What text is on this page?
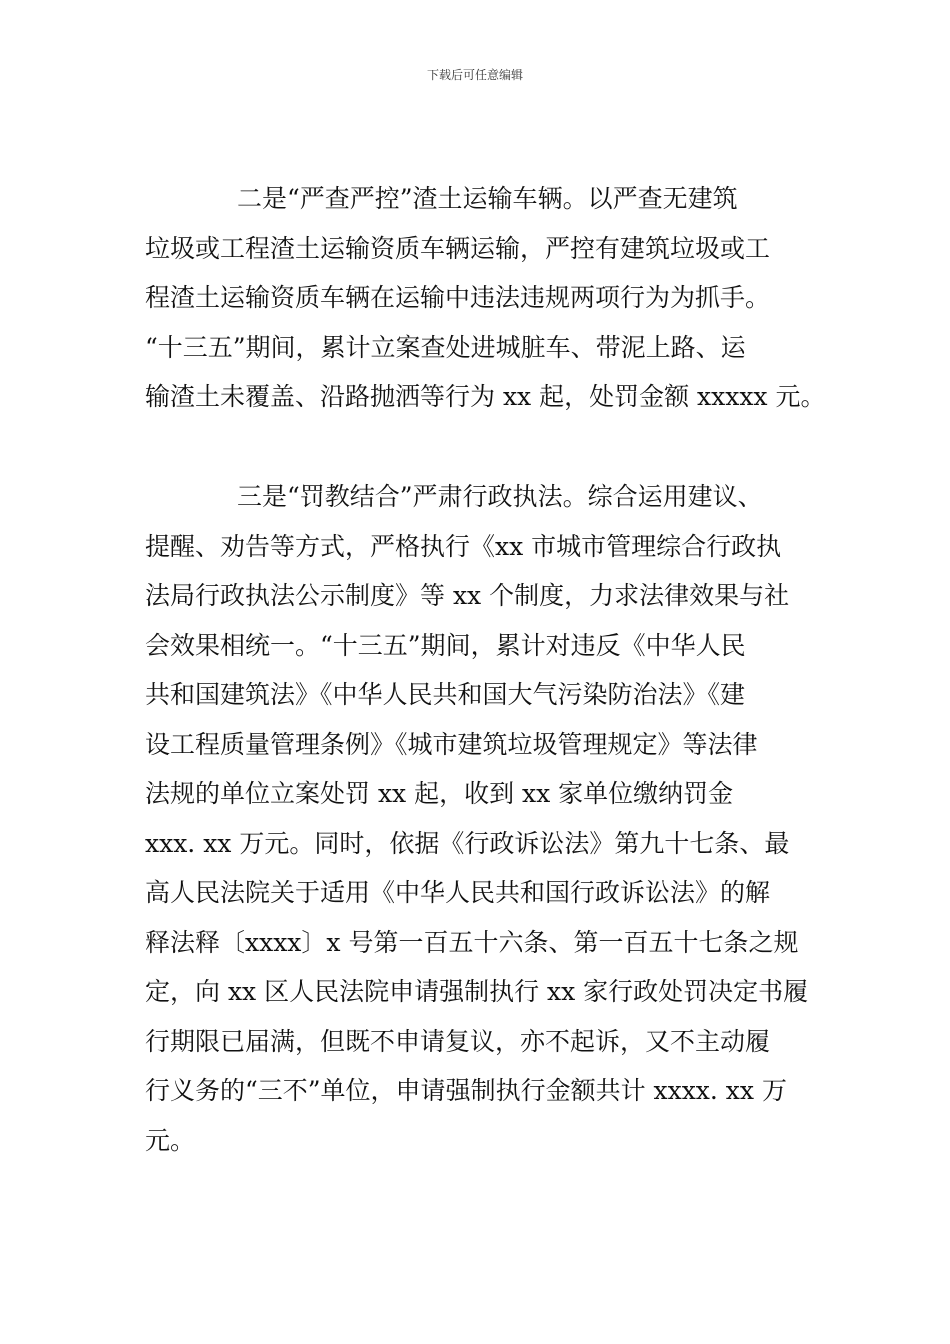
下载后可任意编辑
二是“严查严控”渣土运输车辆。以严查无建筑
垃圾或工程渣土运输资质车辆运输，严控有建筑垃圾或工
程渣土运输资质车辆在运输中违法违规两项行为为抓手。
“十三五”期间，累计立案查处进城脏车、带泥上路、运
输渣土未覆盖、沿路抛洒等行为 xx 起，处罚金额 xxxxx 元。
三是“罚教结合”严肃行政执法。综合运用建议、
提醒、劝告等方式，严格执行《xx 市城市管理综合行政执
法局行政执法公示制度》等 xx 个制度，力求法律效果与社
会效果相统一。“十三五”期间，累计对违反《中华人民
共和国建筑法》《中华人民共和国大气污染防治法》《建
设工程质量管理条例》《城市建筑垃圾管理规定》等法律
法规的单位立案处罚 xx 起，收到 xx 家单位缴纳罚金
xxx. xx 万元。同时，依据《行政诉讼法》第九十七条、最
高人民法院关于适用《中华人民共和国行政诉讼法》的解
释法释〔xxxx〕x 号第一百五十六条、第一百五十七条之规
定，向 xx 区人民法院申请强制执行 xx 家行政处罚决定书履
行期限已届满，但既不申请复议，亦不起诉，又不主动履
行义务的“三不”单位，申请强制执行金额共计 xxxx. xx 万
元。
